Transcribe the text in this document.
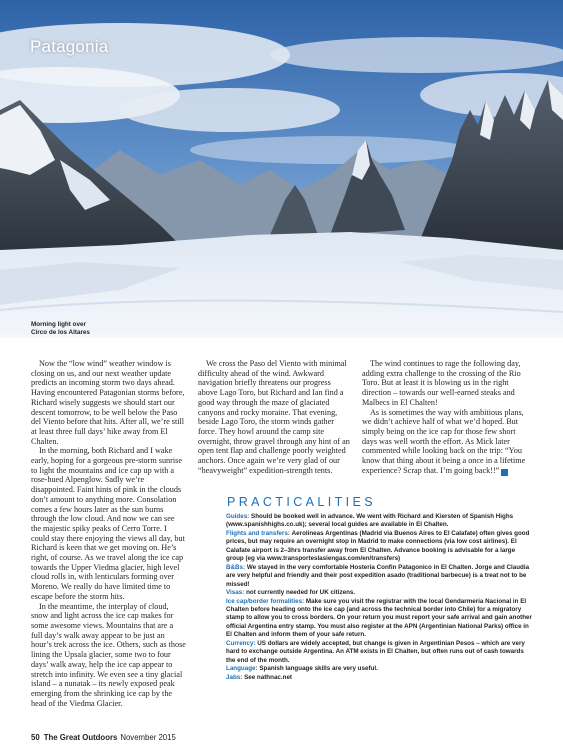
Patagonia
Morning light over
Circo de los Altares

Now the “low wind” weather window is closing on us, and our next weather update predicts an incoming storm two days ahead. Having encountered Patagonian storms before, Richard wisely suggests we should start our descent tomorrow, to be well below the Paso del Viento before that hits. After all, we’re still at least three full days’ hike away from El Chalten.

In the morning, both Richard and I wake early, hoping for a gorgeous pre-storm sunrise to light the mountains and ice cap up with a rose-hued Alpenglow. Sadly we’re disappointed. Faint hints of pink in the clouds don’t amount to anything more. Consolation comes a few hours later as the sun burns through the low cloud. And now we can see the majestic spiky peaks of Cerro Torre. I could stay there enjoying the views all day, but Richard is keen that we get moving on. He’s right, of course. As we travel along the ice cap towards the Upper Viedma glacier, high level cloud rolls in, with lenticulars forming over Moreno. We really do have limited time to escape before the storm hits.

In the meantime, the interplay of cloud, snow and light across the ice cap makes for some awesome views. Mountains that are a full day’s walk away appear to be just an hour’s trek across the ice. Others, such as those lining the Upsala glacier, some two to four days’ walk away, help the ice cap appear to stretch into infinity. We even see a tiny glacial island – a nunatak – its newly exposed peak emerging from the shrinking ice cap by the head of the Viedma Glacier.

We cross the Paso del Viento with minimal difficulty ahead of the wind. Awkward navigation briefly threatens our progress above Lago Toro, but Richard and Ian find a good way through the maze of glaciated canyons and rocky moraine. That evening, beside Lago Toro, the storm winds gather force. They howl around the camp site overnight, throw gravel through any hint of an open tent flap and challenge poorly weighted anchors. Once again we’re very glad of our “heavyweight” expedition-strength tents.

The wind continues to rage the following day, adding extra challenge to the crossing of the Rio Toro. But at least it is blowing us in the right direction – towards our well-earned steaks and Malbecs in El Chalten!

As is sometimes the way with ambitious plans, we didn’t achieve half of what we’d hoped. But simply being on the ice cap for those few short days was well worth the effort. As Mick later commented while looking back on the trip: “You know that thing about it being a once in a lifetime experience? Scrap that. I’m going back!!” ▲

PRACTICALITIES

Guides: Should be booked well in advance. We went with Richard and Kiersten of Spanish Highs (www.spanishhighs.co.uk); several local guides are available in El Chalten.

Flights and transfers: Aerolineas Argentinas (Madrid via Buenos Aires to El Calafate) often gives good prices, but may require an overnight stop in Madrid to make connections (via low cost airlines). El Calafate airport is 2–3hrs transfer away from El Chalten. Advance booking is advisable for a large group (eg via www.transporteslasiengas.com/en/transfers)

B&Bs: We stayed in the very comfortable Hosteria Confin Patagonico in El Chalten. Jorge and Claudia are very helpful and friendly and their post expedition asado (traditional barbecue) is a treat not to be missed!

Visas: not currently needed for UK citizens.

Ice cap/border formalities: Make sure you visit the registrar with the local Gendarmeria Nacional in El Chalten before heading onto the ice cap (and across the technical border into Chile) for a migratory stamp to allow you to cross borders. On your return you must report your safe arrival and gain another official Argentina entry stamp. You must also register at the APN (Argentinian National Parks) office in El Chalten and inform them of your safe return.

Currency: US dollars are widely accepted, but change is given in Argentinian Pesos – which are very hard to exchange outside Argentina. An ATM exists in El Chalten, but often runs out of cash towards the end of the month.

Language: Spanish language skills are very useful.

Jabs: See nathnac.net

50 The Great Outdoors November 2015
